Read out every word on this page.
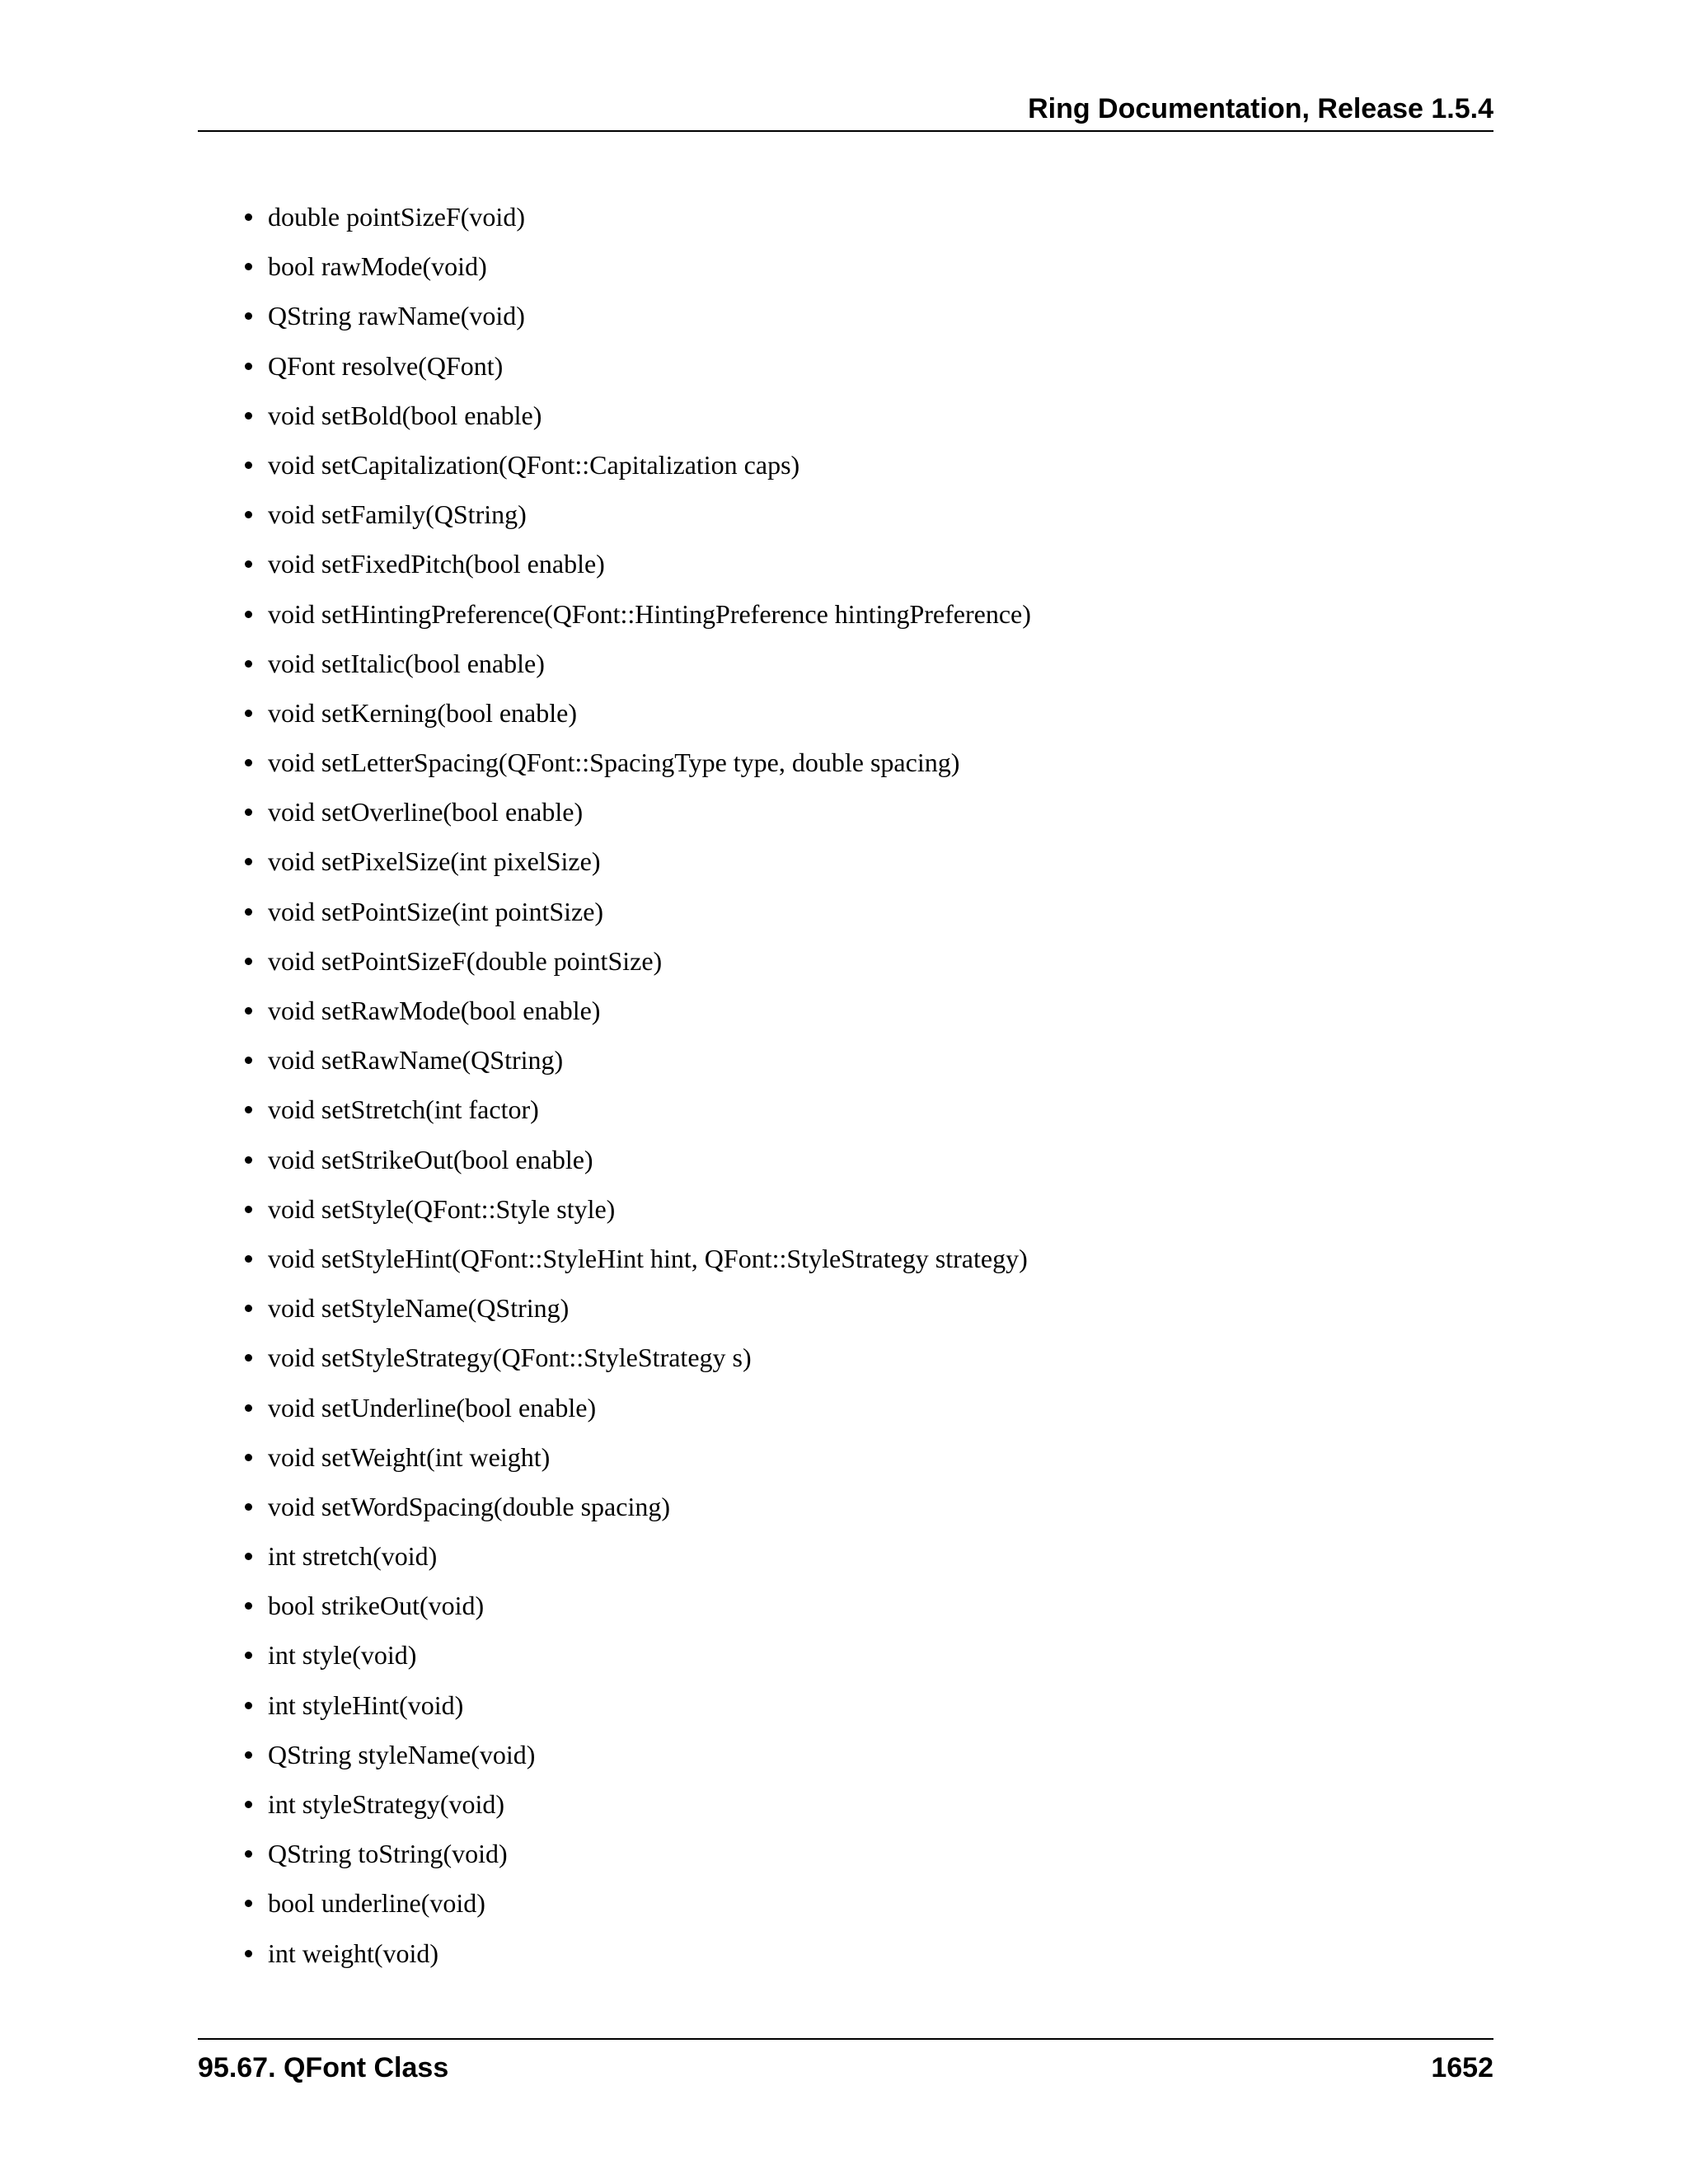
Ring Documentation, Release 1.5.4
double pointSizeF(void)
bool rawMode(void)
QString rawName(void)
QFont resolve(QFont)
void setBold(bool enable)
void setCapitalization(QFont::Capitalization caps)
void setFamily(QString)
void setFixedPitch(bool enable)
void setHintingPreference(QFont::HintingPreference hintingPreference)
void setItalic(bool enable)
void setKerning(bool enable)
void setLetterSpacing(QFont::SpacingType type, double spacing)
void setOverline(bool enable)
void setPixelSize(int pixelSize)
void setPointSize(int pointSize)
void setPointSizeF(double pointSize)
void setRawMode(bool enable)
void setRawName(QString)
void setStretch(int factor)
void setStrikeOut(bool enable)
void setStyle(QFont::Style style)
void setStyleHint(QFont::StyleHint hint, QFont::StyleStrategy strategy)
void setStyleName(QString)
void setStyleStrategy(QFont::StyleStrategy s)
void setUnderline(bool enable)
void setWeight(int weight)
void setWordSpacing(double spacing)
int stretch(void)
bool strikeOut(void)
int style(void)
int styleHint(void)
QString styleName(void)
int styleStrategy(void)
QString toString(void)
bool underline(void)
int weight(void)
95.67. QFont Class	1652
